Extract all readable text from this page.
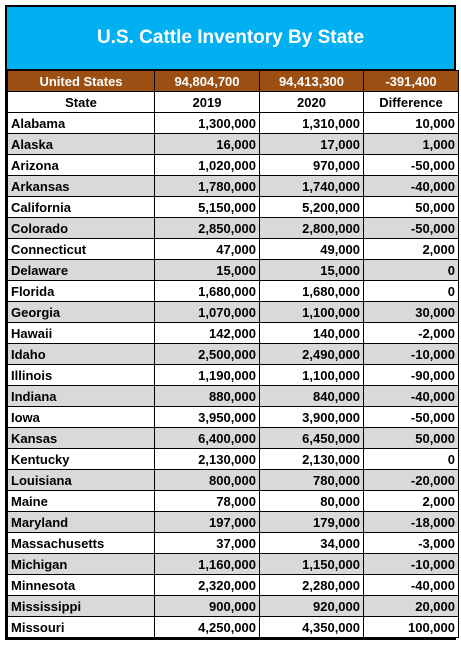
U.S. Cattle Inventory By State
United States	94,804,700	94,413,300	-391,400
State	2019	2020	Difference
Alabama	1,300,000	1,310,000	10,000
Alaska	16,000	17,000	1,000
Arizona	1,020,000	970,000	-50,000
Arkansas	1,780,000	1,740,000	-40,000
California	5,150,000	5,200,000	50,000
Colorado	2,850,000	2,800,000	-50,000
Connecticut	47,000	49,000	2,000
Delaware	15,000	15,000	0
Florida	1,680,000	1,680,000	0
Georgia	1,070,000	1,100,000	30,000
Hawaii	142,000	140,000	-2,000
Idaho	2,500,000	2,490,000	-10,000
Illinois	1,190,000	1,100,000	-90,000
Indiana	880,000	840,000	-40,000
Iowa	3,950,000	3,900,000	-50,000
Kansas	6,400,000	6,450,000	50,000
Kentucky	2,130,000	2,130,000	0
Louisiana	800,000	780,000	-20,000
Maine	78,000	80,000	2,000
Maryland	197,000	179,000	-18,000
Massachusetts	37,000	34,000	-3,000
Michigan	1,160,000	1,150,000	-10,000
Minnesota	2,320,000	2,280,000	-40,000
Mississippi	900,000	920,000	20,000
Missouri	4,250,000	4,350,000	100,000
